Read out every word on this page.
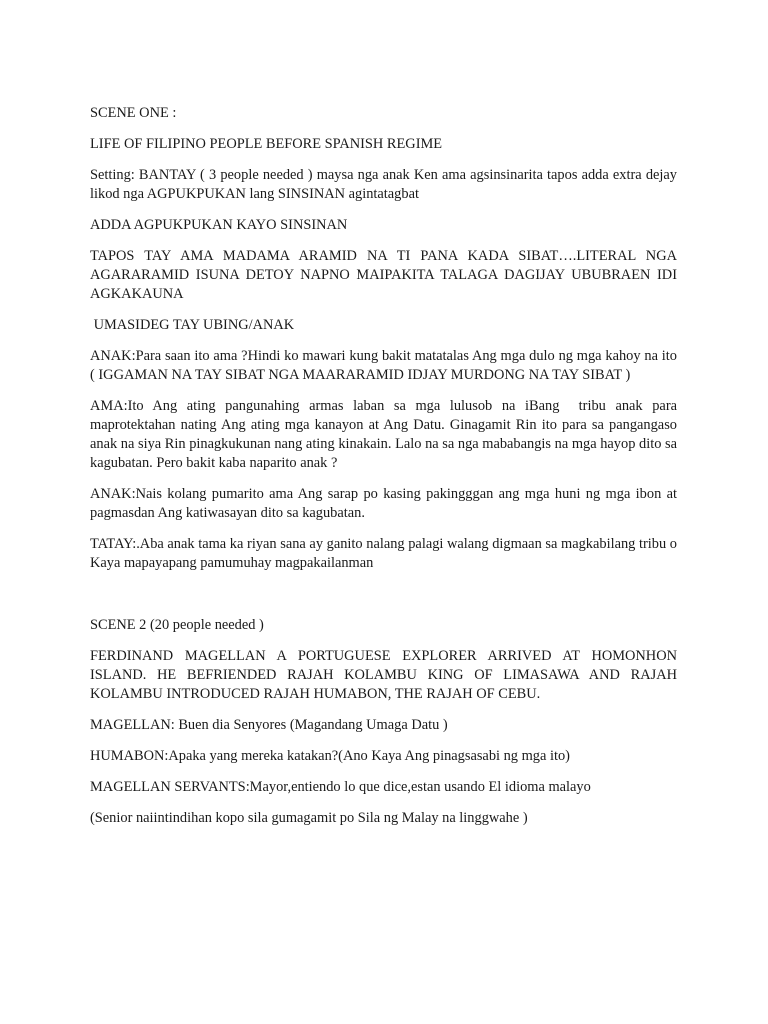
SCENE ONE :

LIFE OF FILIPINO PEOPLE BEFORE SPANISH REGIME

Setting: BANTAY ( 3 people needed ) maysa nga anak Ken ama agsinsinarita tapos adda extra dejay likod nga AGPUKPUKAN lang SINSINAN agintatagbat

ADDA AGPUKPUKAN KAYO SINSINAN

TAPOS TAY AMA MADAMA ARAMID NA TI PANA KADA SIBAT….LITERAL NGA AGARARAMID ISUNA DETOY NAPNO MAIPAKITA TALAGA DAGIJAY UBUBRAEN IDI AGKAKAUNA

UMASIDEG TAY UBING/ANAK

ANAK:Para saan ito ama ?Hindi ko mawari kung bakit matatalas Ang mga dulo ng mga kahoy na ito ( IGGAMAN NA TAY SIBAT NGA MAARARAMID IDJAY MURDONG NA TAY SIBAT )

AMA:Ito Ang ating pangunahing armas laban sa mga lulusob na iBang  tribu anak para maprotektahan nating Ang ating mga kanayon at Ang Datu. Ginagamit Rin ito para sa pangangaso anak na siya Rin pinagkukunan nang ating kinakain. Lalo na sa nga mababangis na mga hayop dito sa kagubatan. Pero bakit kaba naparito anak ?

ANAK:Nais kolang pumarito ama Ang sarap po kasing pakingggan ang mga huni ng mga ibon at pagmasdan Ang katiwasayan dito sa kagubatan.

TATAY:.Aba anak tama ka riyan sana ay ganito nalang palagi walang digmaan sa magkabilang tribu o Kaya mapayapang pamumuhay magpakailanman

SCENE 2 (20 people needed )

FERDINAND MAGELLAN A PORTUGUESE EXPLORER ARRIVED AT HOMONHON ISLAND. HE BEFRIENDED RAJAH KOLAMBU KING OF LIMASAWA AND RAJAH KOLAMBU INTRODUCED RAJAH HUMABON, THE RAJAH OF CEBU.

MAGELLAN: Buen dia Senyores (Magandang Umaga Datu )

HUMABON:Apaka yang mereka katakan?(Ano Kaya Ang pinagsasabi ng mga ito)

MAGELLAN SERVANTS:Mayor,entiendo lo que dice,estan usando El idioma malayo

(Senior naiintindihan kopo sila gumagamit po Sila ng Malay na linggwahe )
